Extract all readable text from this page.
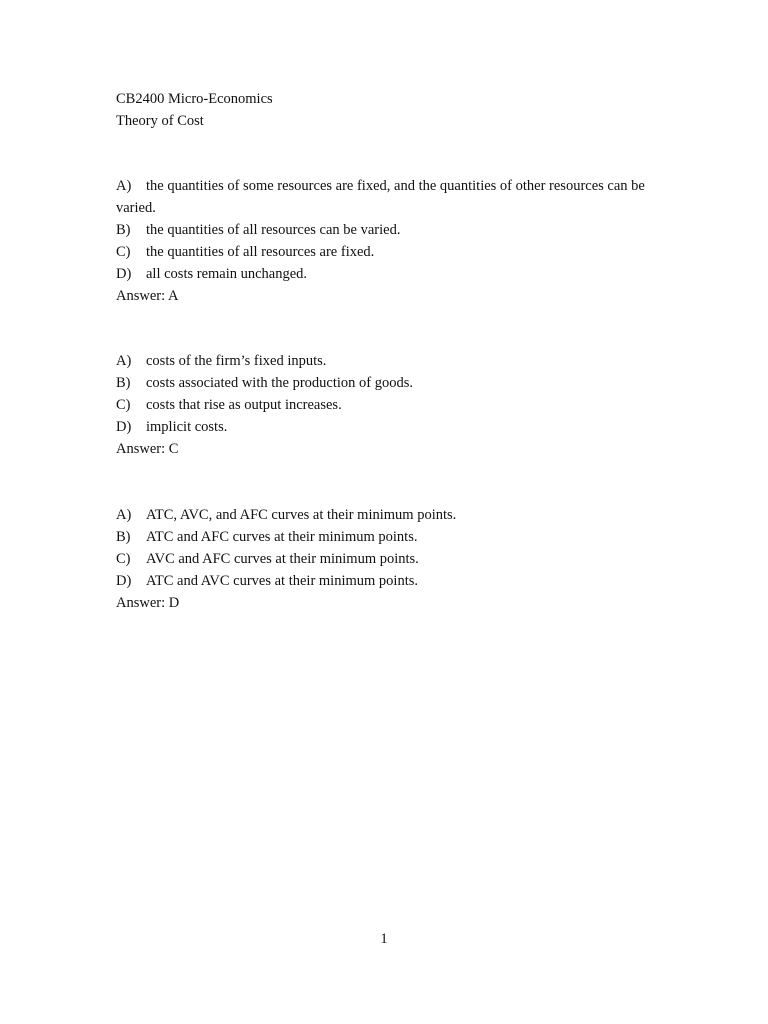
CB2400 Micro-Economics
Theory of Cost
A) the quantities of some resources are fixed, and the quantities of other resources can be varied.
B) the quantities of all resources can be varied.
C) the quantities of all resources are fixed.
D) all costs remain unchanged.
Answer: A
A) costs of the firm’s fixed inputs.
B) costs associated with the production of goods.
C) costs that rise as output increases.
D) implicit costs.
Answer: C
A) ATC, AVC, and AFC curves at their minimum points.
B) ATC and AFC curves at their minimum points.
C) AVC and AFC curves at their minimum points.
D) ATC and AVC curves at their minimum points.
Answer: D
1
